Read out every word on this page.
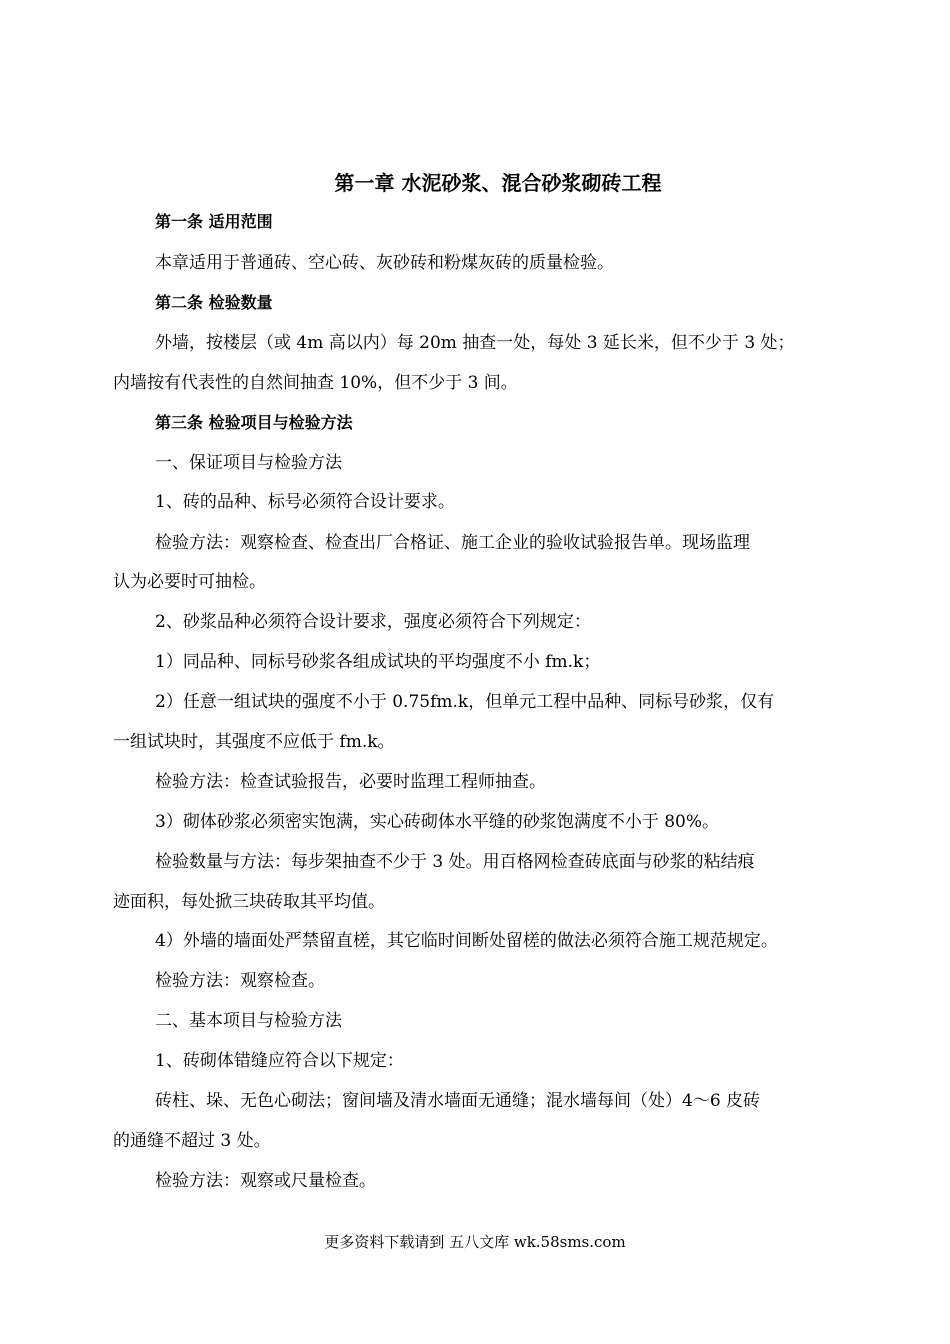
第一章 水泥砂浆、混合砂浆砌砖工程
第一条 适用范围
本章适用于普通砖、空心砖、灰砂砖和粉煤灰砖的质量检验。
第二条 检验数量
外墙，按楼层（或 4m 高以内）每 20m 抽查一处，每处 3 延长米，但不少于 3 处；
内墙按有代表性的自然间抽查 10%，但不少于 3 间。
第三条 检验项目与检验方法
一、保证项目与检验方法
1、砖的品种、标号必须符合设计要求。
检验方法：观察检查、检查出厂合格证、施工企业的验收试验报告单。现场监理
认为必要时可抽检。
2、砂浆品种必须符合设计要求，强度必须符合下列规定：
1）同品种、同标号砂浆各组成试块的平均强度不小 fm.k；
2）任意一组试块的强度不小于 0.75fm.k，但单元工程中品种、同标号砂浆，仅有
一组试块时，其强度不应低于 fm.k。
检验方法：检查试验报告，必要时监理工程师抽查。
3）砌体砂浆必须密实饱满，实心砖砌体水平缝的砂浆饱满度不小于 80%。
检验数量与方法：每步架抽查不少于 3 处。用百格网检查砖底面与砂浆的粘结痕
迹面积，每处掀三块砖取其平均值。
4）外墙的墙面处严禁留直槎，其它临时间断处留槎的做法必须符合施工规范规定。
检验方法：观察检查。
二、基本项目与检验方法
1、砖砌体错缝应符合以下规定：
砖柱、垛、无色心砌法；窗间墙及清水墙面无通缝；混水墙每间（处）4～6 皮砖
的通缝不超过 3 处。
检验方法：观察或尺量检查。
更多资料下载请到 五八文库 wk.58sms.com
